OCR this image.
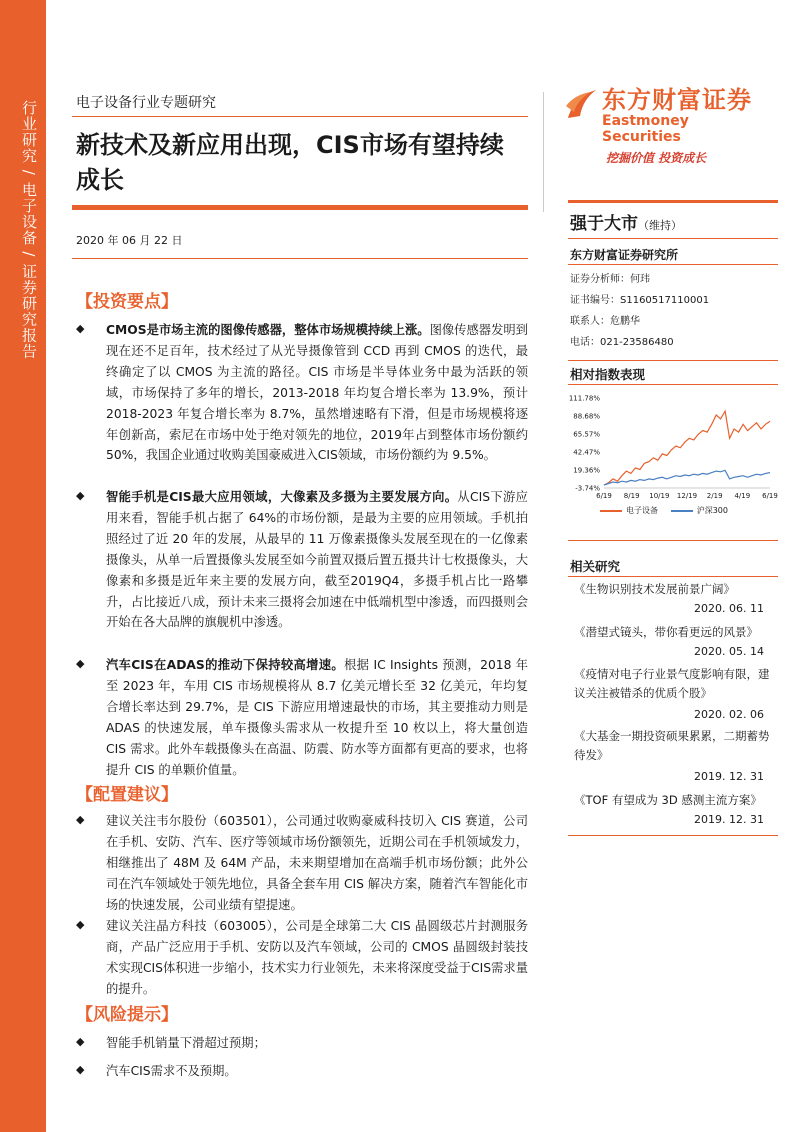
行业研究 / 电子设备 / 证券研究报告	电子设备行业专题研究
新技术及新应用出现，CIS市场有望持续成长
2020 年 06 月 22 日
【投资要点】
◆ CMOS是市场主流的图像传感器，整体市场规模持续上涨。图像传感器发明到现在还不足百年，技术经过了从光导摄像管到 CCD 再到 CMOS 的迭代，最终确定了以 CMOS 为主流的路径。CIS 市场是半导体业务中最为活跃的领域，市场保持了多年的增长，2013-2018 年均复合增长率为 13.9%，预计 2018-2023 年复合增长率为 8.7%，虽然增速略有下滑，但是市场规模将逐年创新高，索尼在市场中处于绝对领先的地位，2019年占到整体市场份额约50%，我国企业通过收购美国豪威进入CIS领域，市场份额约为 9.5%。
◆ 智能手机是CIS最大应用领域，大像素及多摄为主要发展方向。从CIS下游应用来看，智能手机占据了 64%的市场份额，是最为主要的应用领域。手机拍照经过了近 20 年的发展，从最早的 11 万像素摄像头发展至现在的一亿像素摄像头，从单一后置摄像头发展至如今前置双摄后置五摄共计七枚摄像头，大像素和多摄是近年来主要的发展方向，截至2019Q4，多摄手机占比一路攀升，占比接近八成，预计未来三摄将会加速在中低端机型中渗透，而四摄则会开始在各大品牌的旗舰机中渗透。
◆ 汽车CIS在ADAS的推动下保持较高增速。根据 IC Insights 预测，2018 年至 2023 年，车用 CIS 市场规模将从 8.7 亿美元增长至 32 亿美元，年均复合增长率达到 29.7%，是 CIS 下游应用增速最快的市场，其主要推动力则是 ADAS 的快速发展，单车摄像头需求从一枚提升至 10 枚以上，将大量创造 CIS 需求。此外车载摄像头在高温、防震、防水等方面都有更高的要求，也将提升 CIS 的单颗价值量。
【配置建议】
◆ 建议关注韦尔股份（603501），公司通过收购豪威科技切入 CIS 赛道，公司在手机、安防、汽车、医疗等领域市场份额领先，近期公司在手机领域发力，相继推出了 48M 及 64M 产品，未来期望增加在高端手机市场份额；此外公司在汽车领域处于领先地位，具备全套车用 CIS 解决方案，随着汽车智能化市场的快速发展，公司业绩有望提速。
◆ 建议关注晶方科技（603005），公司是全球第二大 CIS 晶圆级芯片封测服务商，产品广泛应用于手机、安防以及汽车领域，公司的 CMOS 晶圆级封装技术实现CIS体积进一步缩小，技术实力行业领先，未来将深度受益于CIS需求量的提升。
【风险提示】
◆ 智能手机销量下滑超过预期；
◆ 汽车CIS需求不及预期。
东方财富证券
Eastmoney Securities
挖掘价值 投资成长
强于大市（维持）
东方财富证券研究所
证券分析师：何玮
证书编号：S1160517110001
联系人：危鹏华
电话：021-23586480
相对指数表现
111.78%
88.68%
65.57%
42.47%
19.36%
-3.74%
6/19 8/19 10/19 12/19 2/19 4/19 6/19
电子设备	沪深300
相关研究
《生物识别技术发展前景广阔》
2020. 06. 11
《潜望式镜头，带你看更远的风景》
2020. 05. 14
《疫情对电子行业景气度影响有限，建议关注被错杀的优质个股》
2020. 02. 06
《大基金一期投资硕果累累，二期蓄势待发》
2019. 12. 31
《TOF 有望成为 3D 感测主流方案》
2019. 12. 31
